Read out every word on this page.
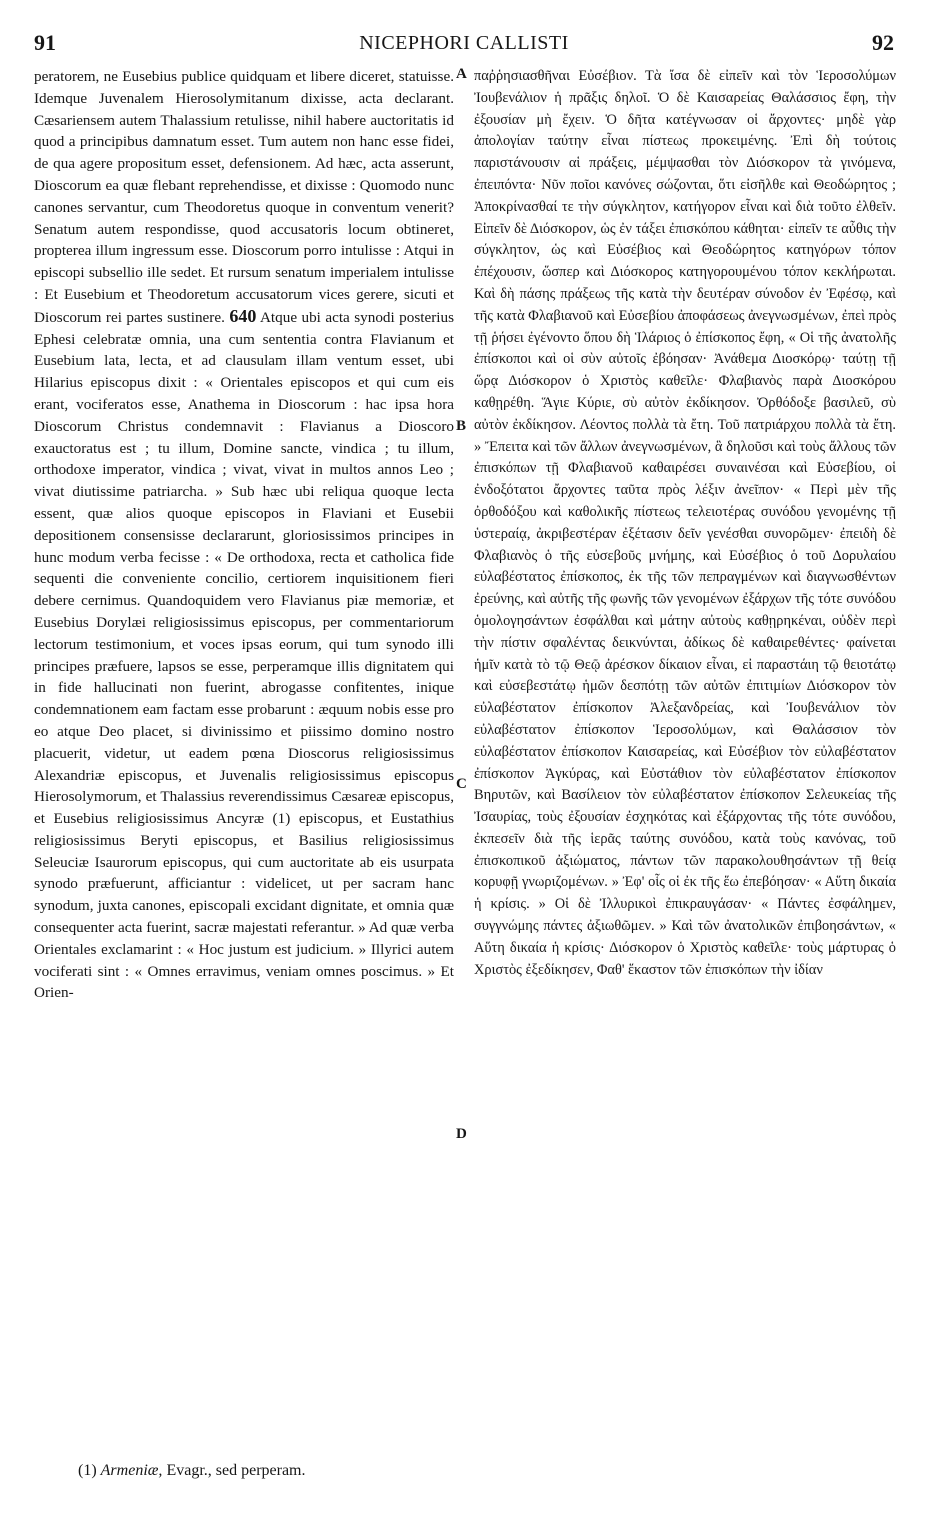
91	NICEPHORI CALLISTI	92

peratorem, ne Eusebius publice quidquam et libere diceret, statuisse. Idemque Juvenalem Hierosolymitanum dixisse, acta declarant. Cæsariensem autem Thalassium retulisse, nihil habere auctoritatis id quod a principibus damnatum esset. Tum autem non hanc esse fidei, de qua agere propositum esset, defensionem. Ad hæc, acta asserunt, Dioscorum ea quæ flebant reprehendisse, et dixisse : Quomodo nunc canones servantur, cum Theodoretus quoque in conventum venerit? Senatum autem respondisse, quod accusatoris locum obtineret, propterea illum ingressum esse. Dioscorum porro intulisse : Atqui in episcopi subsellio ille sedet. Et rursum senatum imperialem intulisse : Et Eusebium et Theodoretum accusatorum vices gerere, sicuti et Dioscorum rei partes sustinere. 640 Atque ubi acta synodi posterius Ephesi celebratæ omnia, una cum sententia contra Flavianum et Eusebium lata, lecta, et ad clausulam illam ventum esset, ubi Hilarius episcopus dixit : « Orientales episcopos et qui cum eis erant, vociferatos esse, Anathema in Dioscorum : hac ipsa hora Dioscorum Christus condemnavit : Flavianus a Dioscoro exauctoratus est ; tu illum, Domine sancte, vindica ; tu illum, orthodoxe imperator, vindica ; vivat, vivat in multos annos Leo ; vivat diutissime patriarcha. » Sub hæc ubi reliqua quoque lecta essent, quæ alios quoque episcopos in Flaviani et Eusebii depositionem consensisse declararunt, gloriosissimos principes in hunc modum verba fecisse : « De orthodoxa, recta et catholica fide sequenti die conveniente concilio, certiorem inquisitionem fieri debere cernimus. Quandoquidem vero Flavianus piæ memoriæ, et Eusebius Dorylæi religiosissimus episcopus, per commentariorum lectorum testimonium, et voces ipsas eorum, qui tum synodo illi principes præfuere, lapsos se esse, perperamque illis dignitatem qui in fide hallucinati non fuerint, abrogasse confitentes, inique condemnationem eam factam esse probarunt : æquum nobis esse pro eo atque Deo placet, si divinissimo et piissimo domino nostro placuerit, videtur, ut eadem pœna Dioscorus religiosissimus Alexandriæ episcopus, et Juvenalis religiosissimus episcopus Hierosolymorum, et Thalassius reverendissimus Cæsareæ episcopus, et Eusebius religiosissimus Ancyræ (1) episcopus, et Eustathius religiosissimus Beryti episcopus, et Basilius religiosissimus Seleuciæ Isaurorum episcopus, qui cum auctoritate ab eis usurpata synodo præfuerunt, afficiantur : videlicet, ut per sacram hanc synodum, juxta canones, episcopali excidant dignitate, et omnia quæ consequenter acta fuerint, sacræ majestati referantur. » Ad quæ verba Orientales exclamarint : « Hoc justum est judicium. » Illyrici autem vociferati sint : « Omnes erravimus, veniam omnes poscimus. » Et Orien-

A
B
C
D

παῤῥησιασθῆναι Εὐσέβιον. Τὰ ἴσα δὲ εἰπεῖν καὶ τὸν Ἱεροσολύμων Ἰουβενάλιον ἡ πρᾶξις δηλοῖ. Ὁ δὲ Καισαρείας Θαλάσσιος ἔφη, τὴν ἐξουσίαν μὴ ἔχειν. Ὁ δῆτα κατέγνωσαν οἱ ἄρχοντες· μηδὲ γὰρ ἀπολογίαν ταύτην εἶναι πίστεως προκειμένης. Ἐπὶ δὴ τούτοις παριστάνουσιν αἱ πράξεις, μέμψασθαι τὸν Διόσκορον τὰ γινόμενα, ἐπειπόντα· Νῦν ποῖοι κανόνες σώζονται, ὅτι εἰσῆλθε καὶ Θεοδώρητος ; Ἀποκρίνασθαί τε τὴν σύγκλητον, κατήγορον εἶναι καὶ διὰ τοῦτο ἐλθεῖν. Εἰπεῖν δὲ Διόσκορον, ὡς ἐν τάξει ἐπισκόπου κάθηται· εἰπεῖν τε αὖθις τὴν σύγκλητον, ὡς καὶ Εὐσέβιος καὶ Θεοδώρητος κατηγόρων τόπον ἐπέχουσιν, ὥσπερ καὶ Διόσκορος κατηγορουμένου τόπον κεκλήρωται. Καὶ δὴ πάσης πράξεως τῆς κατὰ τὴν δευτέραν σύνοδον ἐν Ἐφέσῳ, καὶ τῆς κατὰ Φλαβιανοῦ καὶ Εὐσεβίου ἀποφάσεως ἀνεγνωσμένων, ἐπεὶ πρὸς τῇ ῥήσει ἐγένοντο ὅπου δὴ Ἱλάριος ὁ ἐπίσκοπος ἔφη, « Οἱ τῆς ἀνατολῆς ἐπίσκοποι καὶ οἱ σὺν αὐτοῖς ἐβόησαν· Ἀνάθεμα Διοσκόρῳ· ταύτῃ τῇ ὥρᾳ Διόσκορον ὁ Χριστὸς καθεῖλε· Φλαβιανὸς παρὰ Διοσκόρου καθῃρέθη. Ἅγιε Κύριε, σὺ αὐτὸν ἐκδίκησον. Ὀρθόδοξε βασιλεῦ, σὺ αὐτὸν ἐκδίκησον. Λέοντος πολλὰ τὰ ἔτη. Τοῦ πατριάρχου πολλὰ τὰ ἔτη. » Ἔπειτα καὶ τῶν ἄλλων ἀνεγνωσμένων, ἃ δηλοῦσι καὶ τοὺς ἄλλους τῶν ἐπισκόπων τῇ Φλαβιανοῦ καθαιρέσει συναινέσαι καὶ Εὐσεβίου, οἱ ἐνδοξότατοι ἄρχοντες ταῦτα πρὸς λέξιν ἀνεῖπον· « Περὶ μὲν τῆς ὀρθοδόξου καὶ καθολικῆς πίστεως τελειοτέρας συνόδου γενομένης τῇ ὑστεραίᾳ, ἀκριβεστέραν ἐξέτασιν δεῖν γενέσθαι συνορῶμεν· ἐπειδὴ δὲ Φλαβιανὸς ὁ τῆς εὐσεβοῦς μνήμης, καὶ Εὐσέβιος ὁ τοῦ Δορυλαίου εὐλαβέστατος ἐπίσκοπος, ἐκ τῆς τῶν πεπραγμένων καὶ διαγνωσθέντων ἐρεύνης, καὶ αὐτῆς τῆς φωνῆς τῶν γενομένων ἐξάρχων τῆς τότε συνόδου ὁμολογησάντων ἐσφάλθαι καὶ μάτην αὐτοὺς καθῃρηκέναι, οὐδὲν περὶ τὴν πίστιν σφαλέντας δεικνύνται, ἀδίκως δὲ καθαιρεθέντες· φαίνεται ἡμῖν κατὰ τὸ τῷ Θεῷ ἀρέσκον δίκαιον εἶναι, εἰ παραστάιη τῷ θειοτάτῳ καὶ εὐσεβεστάτῳ ἡμῶν δεσπότῃ τῶν αὐτῶν ἐπιτιμίων Διόσκορον τὸν εὐλαβέστατον ἐπίσκοπον Ἀλεξανδρείας, καὶ Ἰουβενάλιον τὸν εὐλαβέστατον ἐπίσκοπον Ἱεροσολύμων, καὶ Θαλάσσιον τὸν εὐλαβέστατον ἐπίσκοπον Καισαρείας, καὶ Εὐσέβιον τὸν εὐλαβέστατον ἐπίσκοπον Ἀγκύρας, καὶ Εὐστάθιον τὸν εὐλαβέστατον ἐπίσκοπον Βηρυτῶν, καὶ Βασίλειον τὸν εὐλαβέστατον ἐπίσκοπον Σελευκείας τῆς Ἰσαυρίας, τοὺς ἐξουσίαν ἐσχηκότας καὶ ἐξάρχοντας τῆς τότε συνόδου, ἐκπεσεῖν διὰ τῆς ἱερᾶς ταύτης συνόδου, κατὰ τοὺς κανόνας, τοῦ ἐπισκοπικοῦ ἀξιώματος, πάντων τῶν παρακολουθησάντων τῇ θείᾳ κορυφῇ γνωριζομένων. » Ἐφ' οἷς οἱ ἐκ τῆς ἕω ἐπεβόησαν· « Αὕτη δικαία ἡ κρίσις. » Οἱ δὲ Ἰλλυρικοὶ ἐπικραυγάσαν· « Πάντες ἐσφάλημεν, συγγνώμης πάντες ἀξιωθῶμεν. » Καὶ τῶν ἀνατολικῶν ἐπιβοησάντων, « Αὕτη δικαία ἡ κρίσις· Διόσκορον ὁ Χριστὸς καθεῖλε· τοὺς μάρτυρας ὁ Χριστὸς ἐξεδίκησεν, Φαθ' ἕκαστον τῶν ἐπισκόπων τὴν ἰδίαν

(1) Armeniæ, Evagr., sed perperam.
